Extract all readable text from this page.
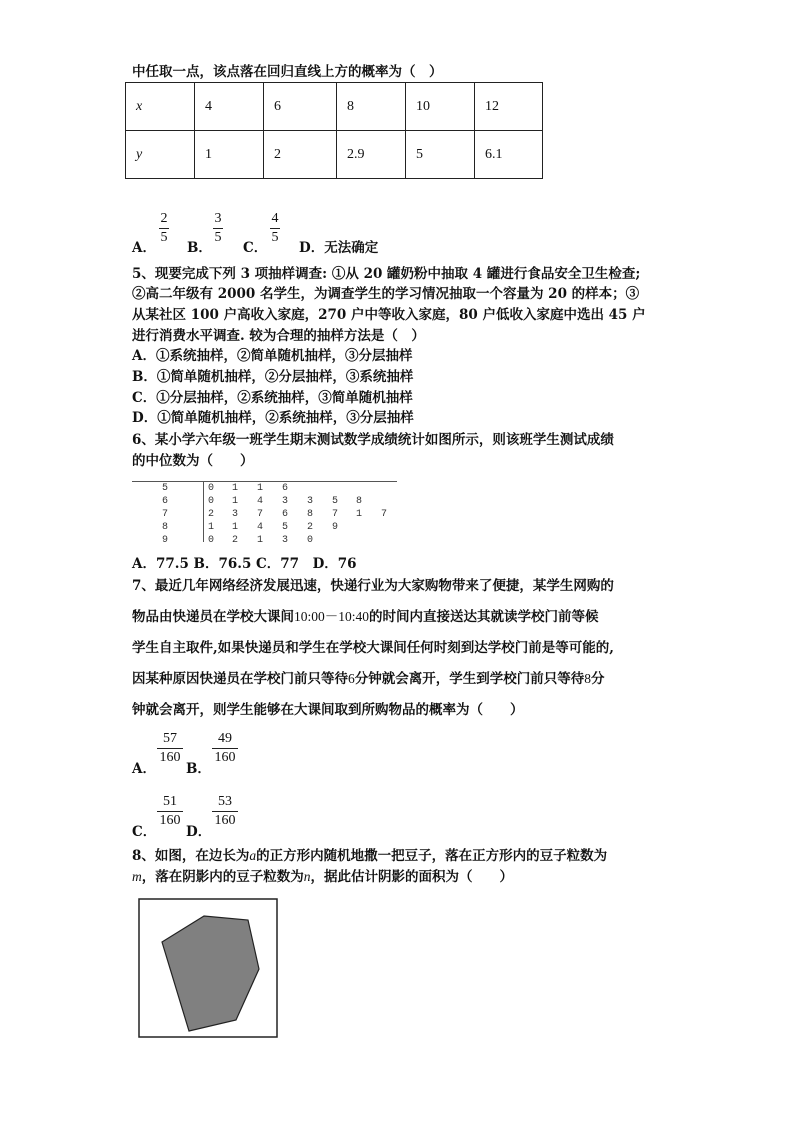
中任取一点，该点落在回归直线上方的概率为（　）
x	4	6	8	10	12
y	1	2	2.9	5	6.1
A．
2
5
B．
3
5
C．
4
5
D．无法确定
5、现要完成下列 3 项抽样调查: ①从 20 罐奶粉中抽取 4 罐进行食品安全卫生检查;
②高二年级有 2000 名学生，为调查学生的学习情况抽取一个容量为 20 的样本；③
从某社区 100 户高收入家庭，270 户中等收入家庭，80 户低收入家庭中选出 45 户
进行消费水平调查. 较为合理的抽样方法是（　）
A．①系统抽样，②简单随机抽样，③分层抽样
B．①简单随机抽样，②分层抽样，③系统抽样
C．①分层抽样，②系统抽样，③简单随机抽样
D．①简单随机抽样，②系统抽样，③分层抽样
6、某小学六年级一班学生期末测试数学成绩统计如图所示，则该班学生测试成绩
的中位数为（　　）
5	0 1 1 6
6	0 1 4 3 3 5 8
7	2 3 7 6 8 7 1 7
8	1 1 4 5 2 9
9	0 2 1 3 0
A．77.5 B．76.5 C．77　D．76
7、最近几年网络经济发展迅速，快递行业为大家购物带来了便捷，某学生网购的
物品由快递员在学校大课间10:00－10:40的时间内直接送达其就读学校门前等候
学生自主取件,如果快递员和学生在学校大课间任何时刻到达学校门前是等可能的,
因某种原因快递员在学校门前只等待6分钟就会离开，学生到学校门前只等待8分
钟就会离开，则学生能够在大课间取到所购物品的概率为（　　）
A．
57
160
B．
49
160
C．
51
160
D．
53
160
8、如图，在边长为a的正方形内随机地撒一把豆子，落在正方形内的豆子粒数为
m，落在阴影内的豆子粒数为n，据此估计阴影的面积为（　　）
